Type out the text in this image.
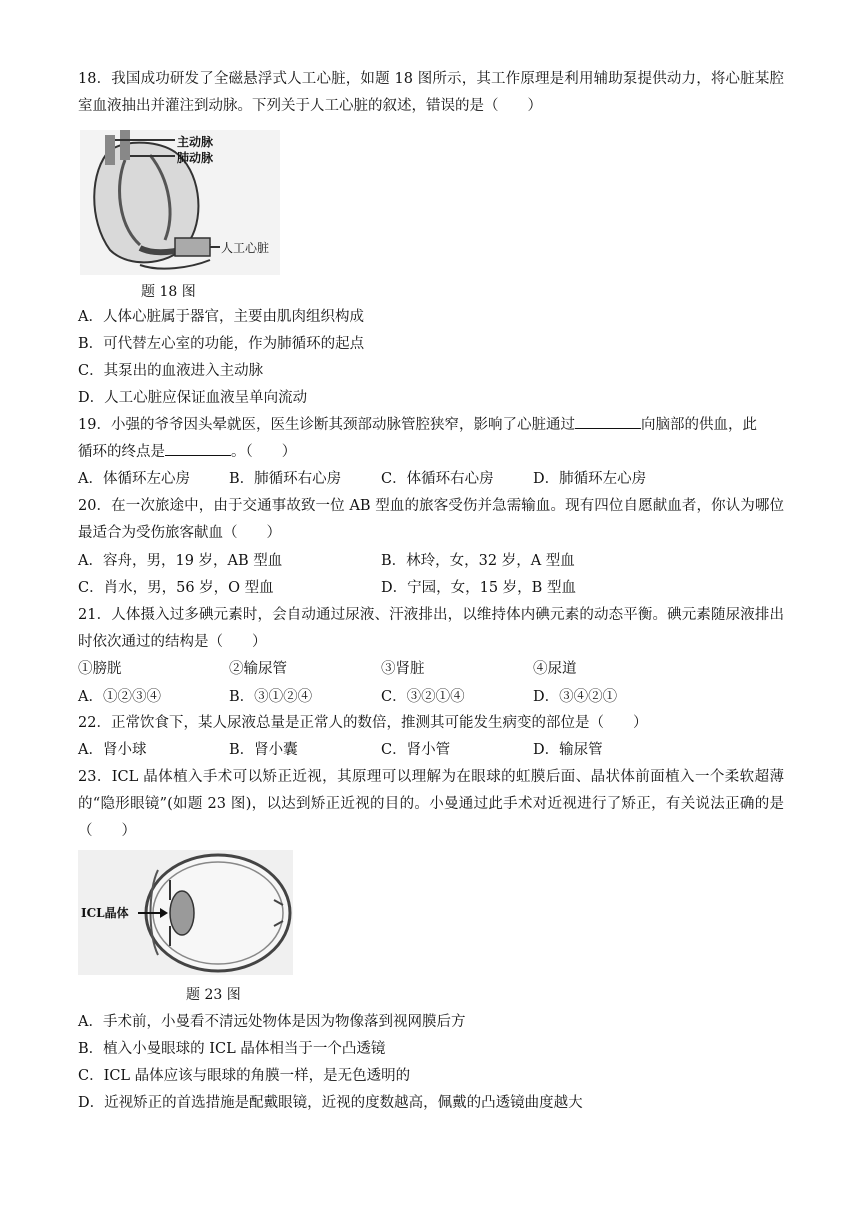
18．我国成功研发了全磁悬浮式人工心脏，如题 18 图所示，其工作原理是利用辅助泵提供动力，将心脏某腔室血液抽出并灌注到动脉。下列关于人工心脏的叙述，错误的是（　　）
主动脉
肺动脉
人工心脏
题 18 图
A．人体心脏属于器官，主要由肌肉组织构成
B．可代替左心室的功能，作为肺循环的起点
C．其泵出的血液进入主动脉
D．人工心脏应保证血液呈单向流动
19．小强的爷爷因头晕就医，医生诊断其颈部动脉管腔狭窄，影响了心脏通过	向脑部的供血，此
循环的终点是	。（　　）
A．体循环左心房	B．肺循环右心房	C．体循环右心房	D．肺循环左心房
20．在一次旅途中，由于交通事故致一位 AB 型血的旅客受伤并急需输血。现有四位自愿献血者，你认为哪位最适合为受伤旅客献血（　　）
A．容舟，男，19 岁，AB 型血	B．林玲，女，32 岁，A 型血
C．肖水，男，56 岁，O 型血	D．宁园，女，15 岁，B 型血
21．人体摄入过多碘元素时，会自动通过尿液、汗液排出，以维持体内碘元素的动态平衡。碘元素随尿液排出时依次通过的结构是（　　）
①膀胱	②输尿管	③肾脏	④尿道
A．①②③④	B．③①②④	C．③②①④	D．③④②①
22．正常饮食下，某人尿液总量是正常人的数倍，推测其可能发生病变的部位是（　　）
A．肾小球	B．肾小囊	C．肾小管	D．输尿管
23．ICL 晶体植入手术可以矫正近视，其原理可以理解为在眼球的虹膜后面、晶状体前面植入一个柔软超薄的“隐形眼镜”(如题 23 图)，以达到矫正近视的目的。小曼通过此手术对近视进行了矫正，有关说法正确的是（　　）
ICL晶体
题 23 图
A．手术前，小曼看不清远处物体是因为物像落到视网膜后方
B．植入小曼眼球的 ICL 晶体相当于一个凸透镜
C．ICL 晶体应该与眼球的角膜一样，是无色透明的
D．近视矫正的首选措施是配戴眼镜，近视的度数越高，佩戴的凸透镜曲度越大
